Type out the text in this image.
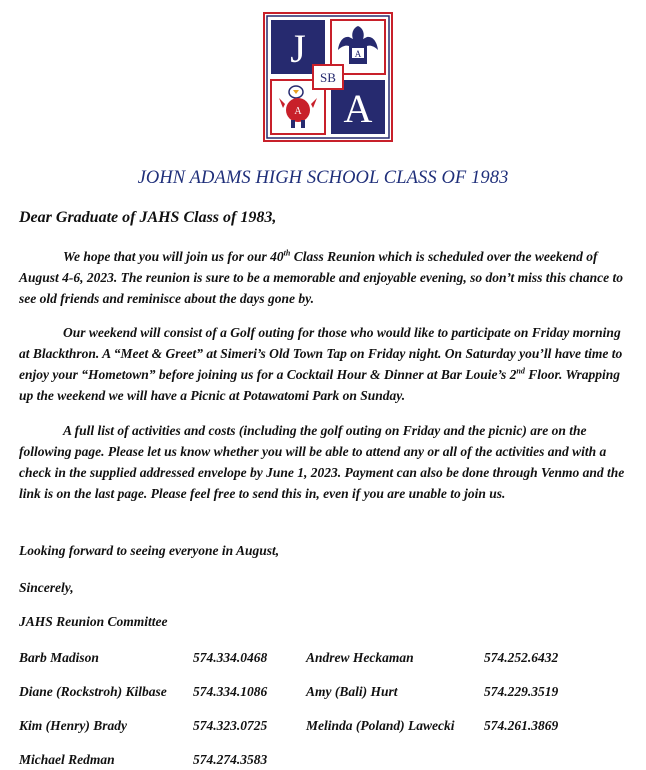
J	A
A A
SB
JOHN ADAMS HIGH SCHOOL CLASS OF 1983
Dear Graduate of JAHS Class of 1983,

We hope that you will join us for our 40th Class Reunion which is scheduled over the weekend of August 4-6, 2023. The reunion is sure to be a memorable and enjoyable evening, so don’t miss this chance to see old friends and reminisce about the days gone by.

Our weekend will consist of a Golf outing for those who would like to participate on Friday morning at Blackthron. A “Meet & Greet” at Simeri’s Old Town Tap on Friday night. On Saturday you’ll have time to enjoy your “Hometown” before joining us for a Cocktail Hour & Dinner at Bar Louie’s 2nd Floor. Wrapping up the weekend we will have a Picnic at Potawatomi Park on Sunday.

A full list of activities and costs (including the golf outing on Friday and the picnic) are on the following page. Please let us know whether you will be able to attend any or all of the activities and with a check in the supplied addressed envelope by June 1, 2023. Payment can also be done through Venmo and the link is on the last page. Please feel free to send this in, even if you are unable to join us.

Looking forward to seeing everyone in August,
Sincerely,
JAHS Reunion Committee
Barb Madison	574.334.0468	Andrew Heckaman	574.252.6432
Diane (Rockstroh) Kilbase 574.334.1086	Amy (Bali) Hurt	574.229.3519
Kim (Henry) Brady	574.323.0725	Melinda (Poland) Lawecki 574.261.3869
Michael Redman	574.274.3583
